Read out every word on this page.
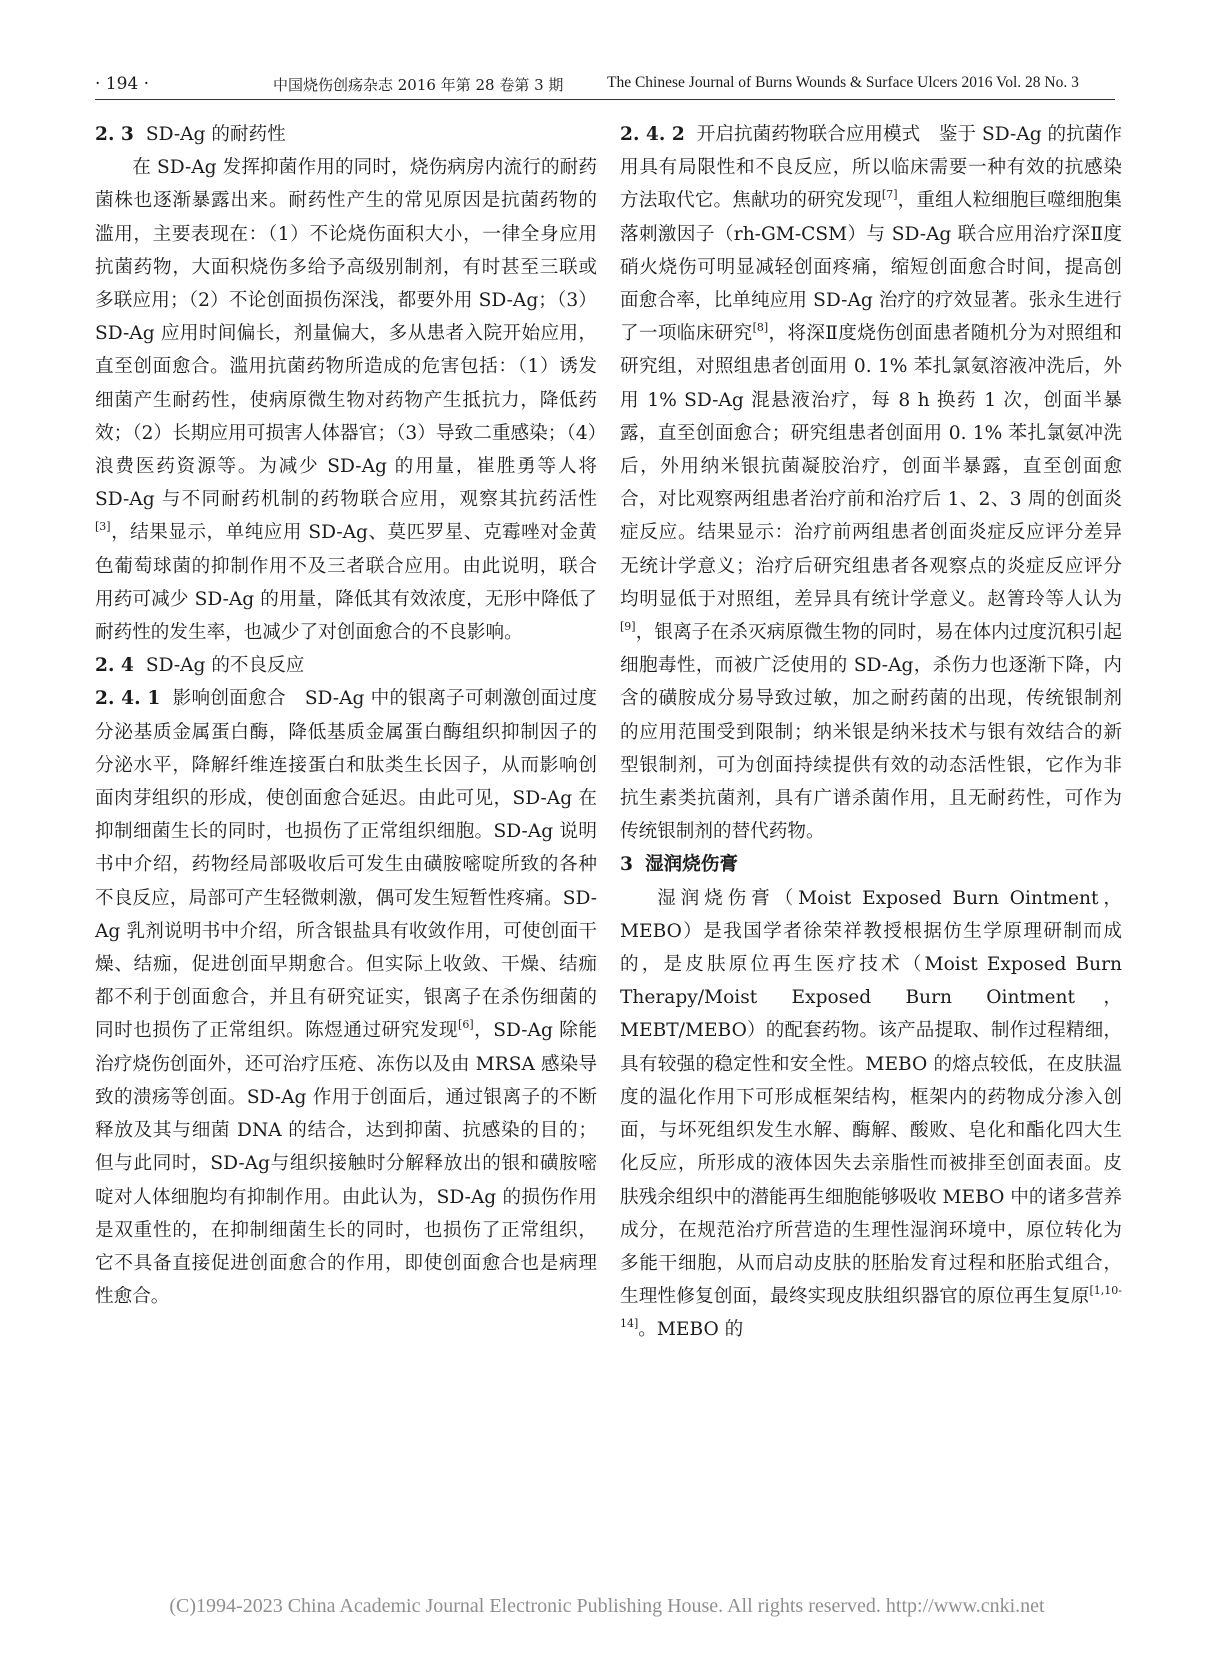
· 194 ·	中国烧伤创疡杂志 2016 年第 28 卷第 3 期	The Chinese Journal of Burns Wounds & Surface Ulcers 2016 Vol. 28 No. 3

2. 3 SD-Ag 的耐药性

在 SD-Ag 发挥抑菌作用的同时，烧伤病房内流行的耐药菌株也逐渐暴露出来。耐药性产生的常见原因是抗菌药物的滥用，主要表现在：（1）不论烧伤面积大小，一律全身应用抗菌药物，大面积烧伤多给予高级别制剂，有时甚至三联或多联应用；（2）不论创面损伤深浅，都要外用 SD-Ag；（3）SD-Ag 应用时间偏长，剂量偏大，多从患者入院开始应用，直至创面愈合。滥用抗菌药物所造成的危害包括：（1）诱发细菌产生耐药性，使病原微生物对药物产生抵抗力，降低药效；（2）长期应用可损害人体器官；（3）导致二重感染；（4）浪费医药资源等。为减少 SD-Ag 的用量，崔胜勇等人将 SD-Ag 与不同耐药机制的药物联合应用，观察其抗药活性[3]，结果显示，单纯应用 SD-Ag、莫匹罗星、克霉唑对金黄色葡萄球菌的抑制作用不及三者联合应用。由此说明，联合用药可减少 SD-Ag 的用量，降低其有效浓度，无形中降低了耐药性的发生率，也减少了对创面愈合的不良影响。

2. 4 SD-Ag 的不良反应

2. 4. 1 影响创面愈合　 SD-Ag 中的银离子可刺激创面过度分泌基质金属蛋白酶，降低基质金属蛋白酶组织抑制因子的分泌水平，降解纤维连接蛋白和肽类生长因子，从而影响创面肉芽组织的形成，使创面愈合延迟。由此可见，SD-Ag 在抑制细菌生长的同时，也损伤了正常组织细胞。SD-Ag 说明书中介绍，药物经局部吸收后可发生由磺胺嘧啶所致的各种不良反应，局部可产生轻微刺激，偶可发生短暂性疼痛。SD-Ag 乳剂说明书中介绍，所含银盐具有收敛作用，可使创面干燥、结痂，促进创面早期愈合。但实际上收敛、干燥、结痂都不利于创面愈合，并且有研究证实，银离子在杀伤细菌的同时也损伤了正常组织。陈煜通过研究发现[6]，SD-Ag 除能治疗烧伤创面外，还可治疗压疮、冻伤以及由 MRSA 感染导致的溃疡等创面。SD-Ag 作用于创面后，通过银离子的不断释放及其与细菌 DNA 的结合，达到抑菌、抗感染的目的；但与此同时，SD-Ag与组织接触时分解释放出的银和磺胺嘧啶对人体细胞均有抑制作用。由此认为，SD-Ag 的损伤作用是双重性的，在抑制细菌生长的同时，也损伤了正常组织，它不具备直接促进创面愈合的作用，即使创面愈合也是病理性愈合。

2. 4. 2 开启抗菌药物联合应用模式　 鉴于 SD-Ag 的抗菌作用具有局限性和不良反应，所以临床需要一种有效的抗感染方法取代它。焦献功的研究发现[7]，重组人粒细胞巨噬细胞集落刺激因子（rh-GM-CSM）与 SD-Ag 联合应用治疗深Ⅱ度硝火烧伤可明显减轻创面疼痛，缩短创面愈合时间，提高创面愈合率，比单纯应用 SD-Ag 治疗的疗效显著。张永生进行了一项临床研究[8]，将深Ⅱ度烧伤创面患者随机分为对照组和研究组，对照组患者创面用 0. 1% 苯扎氯氨溶液冲洗后，外用 1% SD-Ag 混悬液治疗，每 8 h 换药 1 次，创面半暴露，直至创面愈合；研究组患者创面用 0. 1% 苯扎氯氨冲洗后，外用纳米银抗菌凝胶治疗，创面半暴露，直至创面愈合，对比观察两组患者治疗前和治疗后 1、2、3 周的创面炎症反应。结果显示：治疗前两组患者创面炎症反应评分差异无统计学意义；治疗后研究组患者各观察点的炎症反应评分均明显低于对照组，差异具有统计学意义。赵箐玲等人认为[9]，银离子在杀灭病原微生物的同时，易在体内过度沉积引起细胞毒性，而被广泛使用的 SD-Ag，杀伤力也逐渐下降，内含的磺胺成分易导致过敏，加之耐药菌的出现，传统银制剂的应用范围受到限制；纳米银是纳米技术与银有效结合的新型银制剂，可为创面持续提供有效的动态活性银，它作为非抗生素类抗菌剂，具有广谱杀菌作用，且无耐药性，可作为传统银制剂的替代药物。

3 湿润烧伤膏

湿润烧伤膏（Moist Exposed Burn Ointment，MEBO）是我国学者徐荣祥教授根据仿生学原理研制而成的，是皮肤原位再生医疗技术（Moist Exposed Burn Therapy/Moist Exposed Burn Ointment，MEBT/MEBO）的配套药物。该产品提取、制作过程精细，具有较强的稳定性和安全性。MEBO 的熔点较低，在皮肤温度的温化作用下可形成框架结构，框架内的药物成分渗入创面，与坏死组织发生水解、酶解、酸败、皂化和酯化四大生化反应，所形成的液体因失去亲脂性而被排至创面表面。皮肤残余组织中的潜能再生细胞能够吸收 MEBO 中的诸多营养成分，在规范治疗所营造的生理性湿润环境中，原位转化为多能干细胞，从而启动皮肤的胚胎发育过程和胚胎式组合，生理性修复创面，最终实现皮肤组织器官的原位再生复原[1,10-14]。MEBO 的

(C)1994-2023 China Academic Journal Electronic Publishing House. All rights reserved. http://www.cnki.net
